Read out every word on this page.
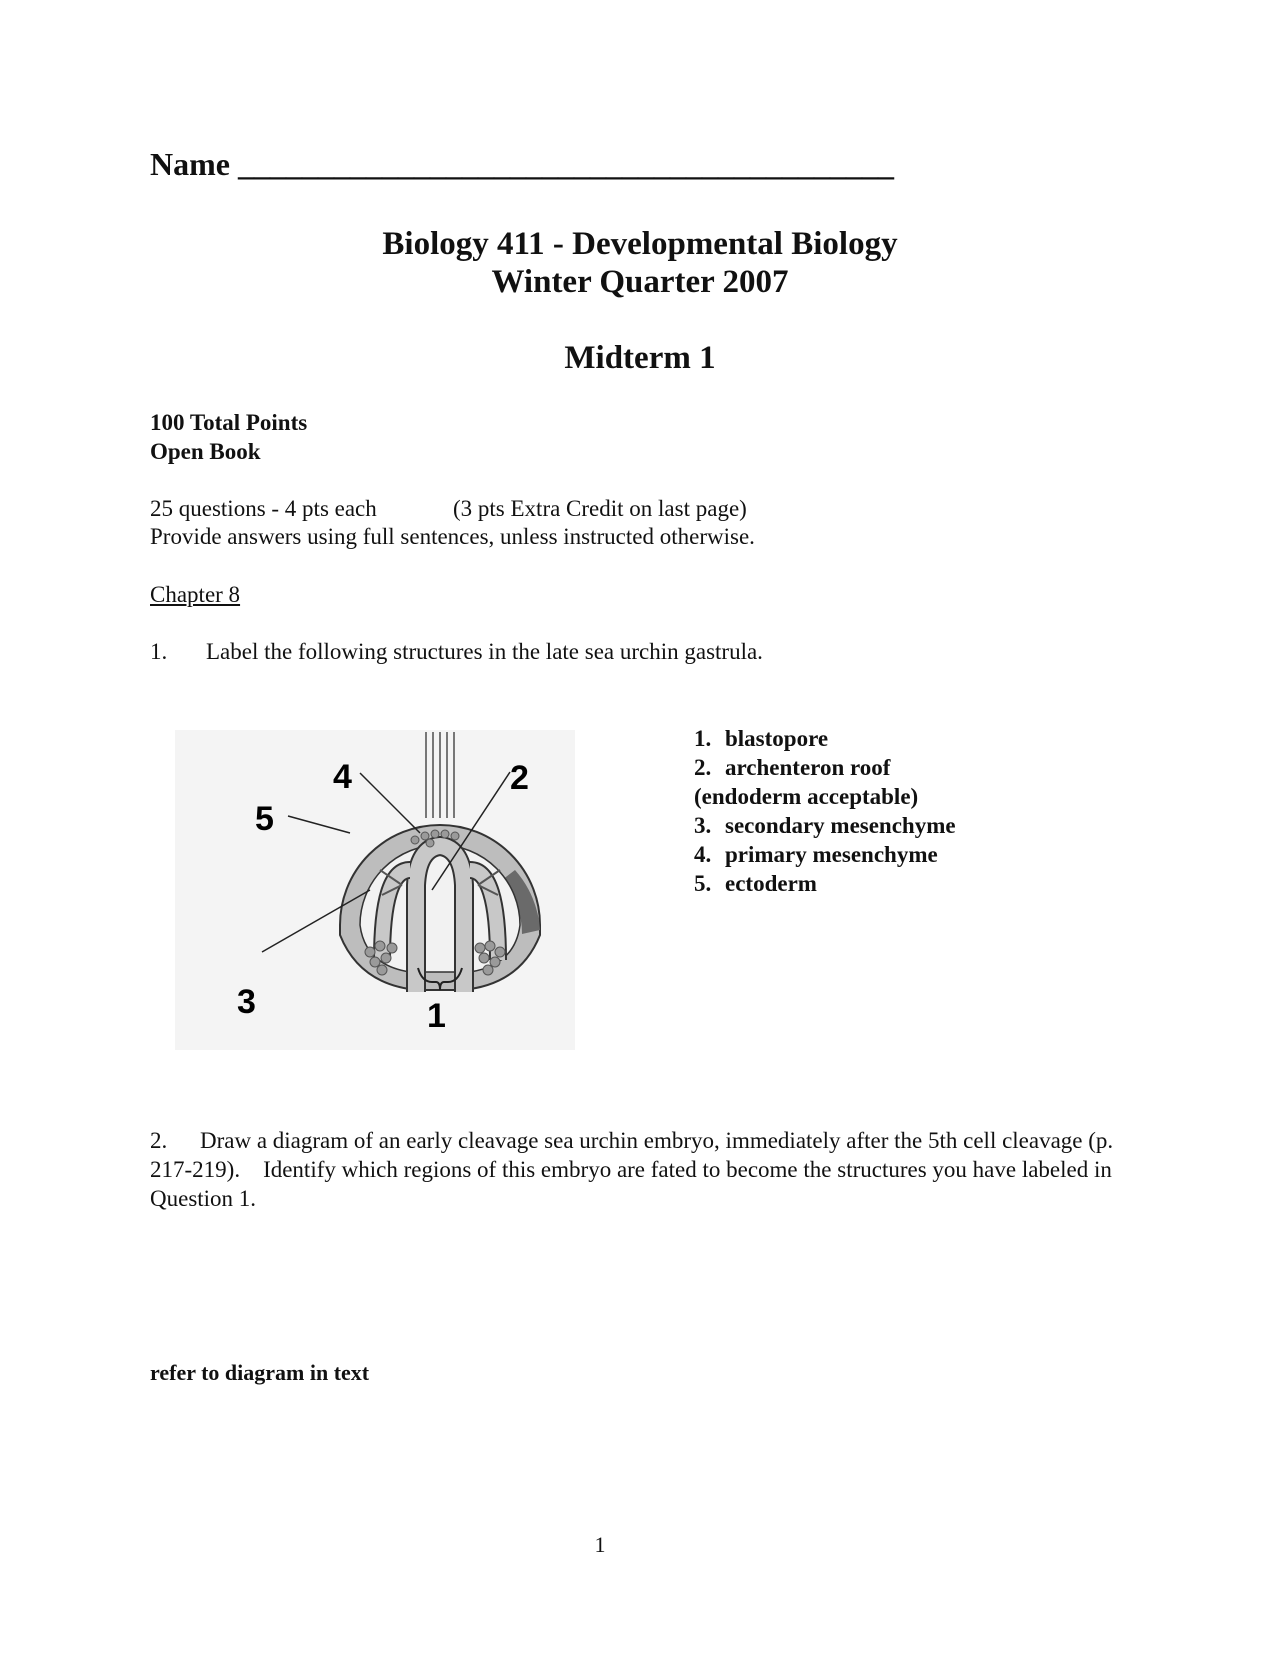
Name _________________________________________
Biology 411 - Developmental Biology
Winter Quarter 2007
Midterm 1
100 Total Points
Open Book
25 questions - 4 pts each	(3 pts Extra Credit on last page)
Provide answers using full sentences, unless instructed otherwise.
Chapter 8
1. Label the following structures in the late sea urchin gastrula.
4	2
5
3	1
1. blastopore
2. archenteron roof
(endoderm acceptable)
3. secondary mesenchyme
4. primary mesenchyme
5. ectoderm
2. Draw a diagram of an early cleavage sea urchin embryo, immediately after the 5th cell cleavage (p. 217-219).    Identify which regions of this embryo are fated to become the structures you have labeled in Question 1.
refer to diagram in text
1
